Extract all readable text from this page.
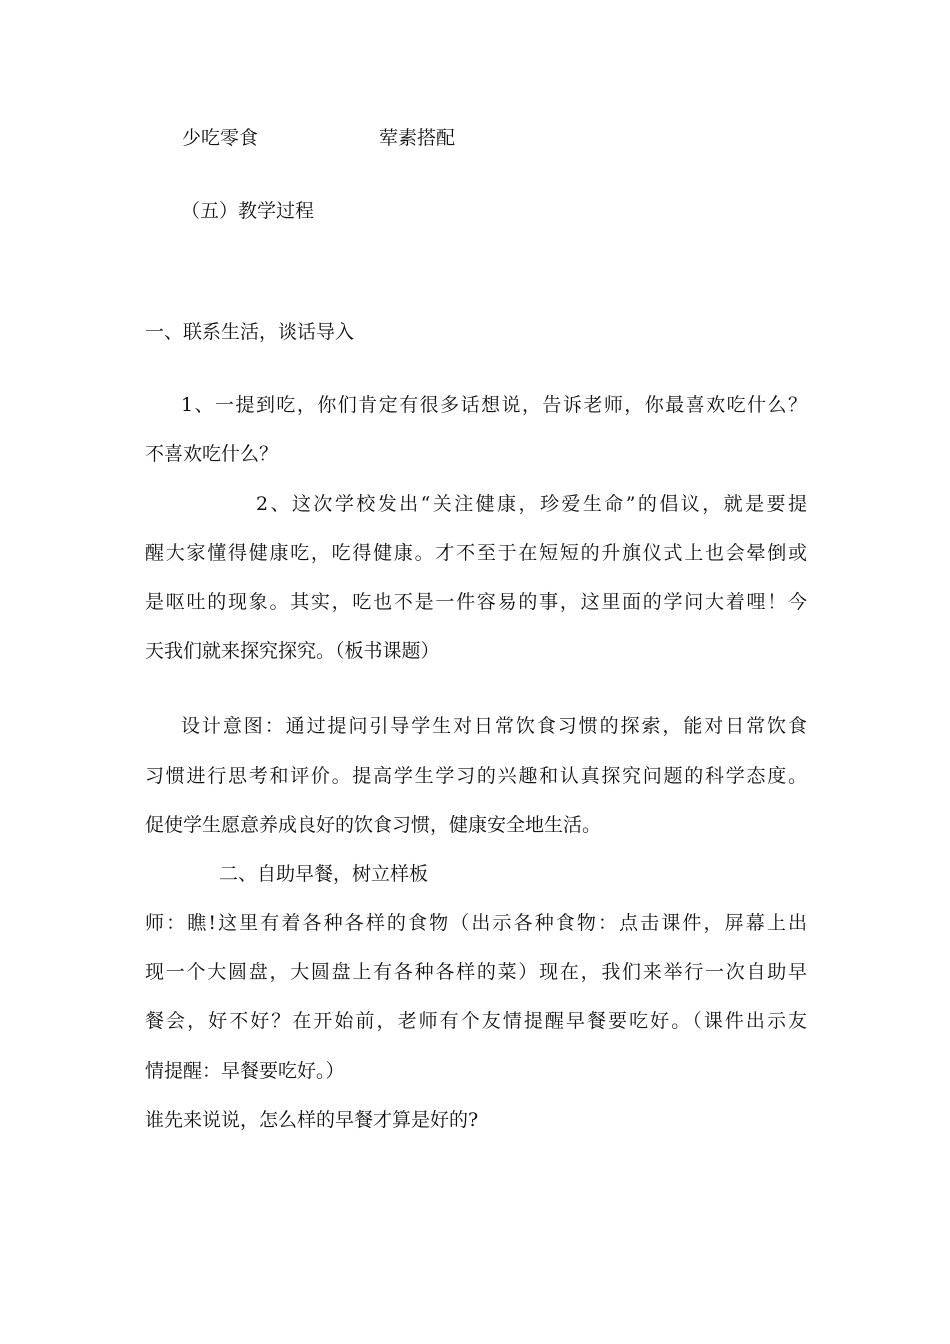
少吃零食	荤素搭配
（五）教学过程
一、联系生活，谈话导入
1、一提到吃，你们肯定有很多话想说，告诉老师，你最喜欢吃什么？
不喜欢吃什么？
2、这次学校发出“关注健康，珍爱生命”的倡议，就是要提
醒大家懂得健康吃，吃得健康。才不至于在短短的升旗仪式上也会晕倒或
是呕吐的现象。其实，吃也不是一件容易的事，这里面的学问大着哩！今
天我们就来探究探究。（板书课题）
设计意图：通过提问引导学生对日常饮食习惯的探索，能对日常饮食
习惯进行思考和评价。提高学生学习的兴趣和认真探究问题的科学态度。
促使学生愿意养成良好的饮食习惯，健康安全地生活。
二、自助早餐，树立样板
师：瞧!这里有着各种各样的食物（出示各种食物：点击课件，屏幕上出
现一个大圆盘，大圆盘上有各种各样的菜）现在，我们来举行一次自助早
餐会，好不好？在开始前，老师有个友情提醒早餐要吃好。（课件出示友
情提醒：早餐要吃好。）
谁先来说说，怎么样的早餐才算是好的?
